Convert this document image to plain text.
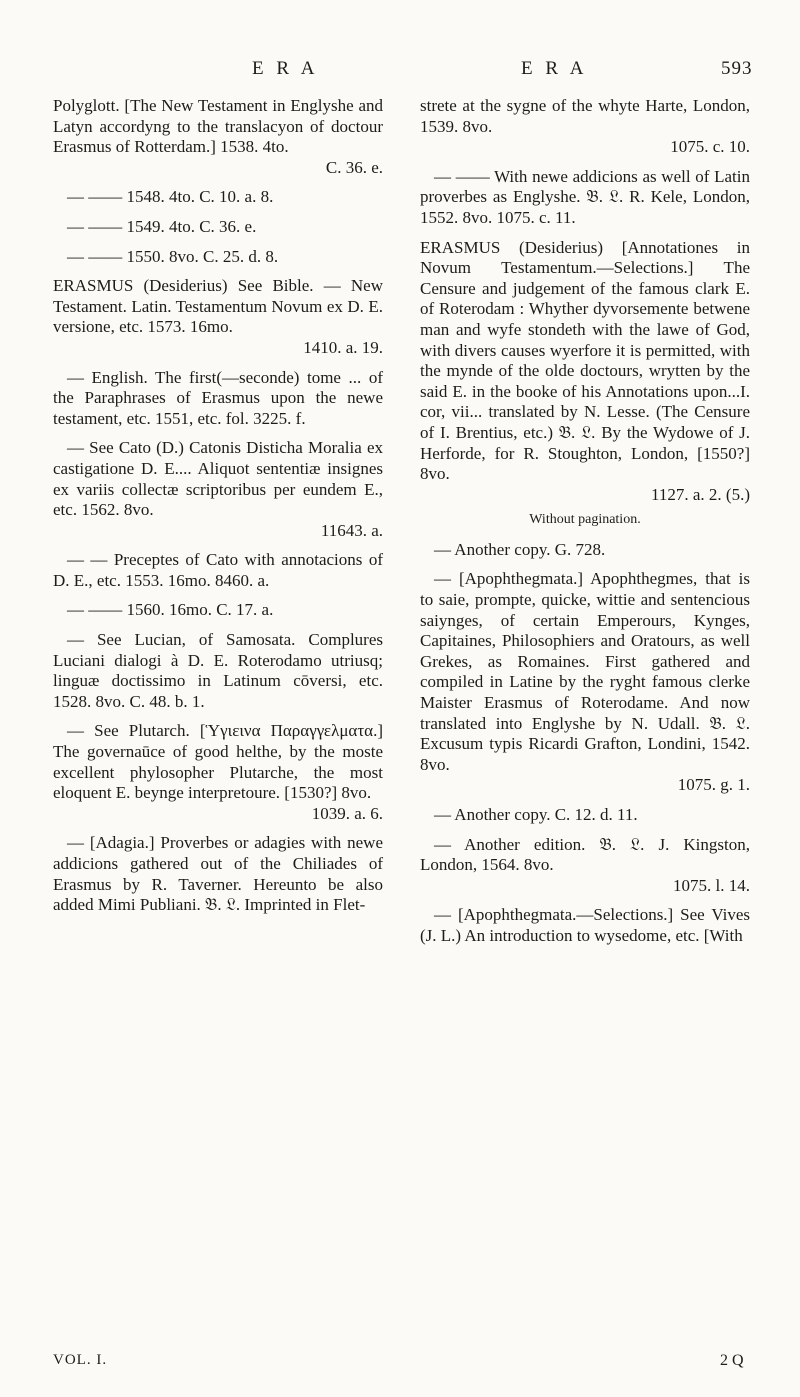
E R A	E R A	593

Polyglott. [The New Testament in Englyshe and Latyn accordyng to the translacyon of doctour Erasmus of Rotterdam.] 1538. 4to.
C. 36. e.

— —— 1548. 4to. C. 10. a. 8.

— —— 1549. 4to. C. 36. e.

— —— 1550. 8vo. C. 25. d. 8.

ERASMUS (Desiderius) See Bible. — New Testament. Latin. Testamentum Novum ex D. E. versione, etc. 1573. 16mo.
1410. a. 19.

— English. The first(—seconde) tome ... of the Paraphrases of Erasmus upon the newe testament, etc. 1551, etc. fol. 3225. f.

— See Cato (D.) Catonis Disticha Moralia ex castigatione D. E.... Aliquot sententiæ insignes ex variis collectæ scriptoribus per eundem E., etc. 1562. 8vo.
11643. a.

— — Preceptes of Cato with annotacions of D. E., etc. 1553. 16mo. 8460. a.

— —— 1560. 16mo. C. 17. a.

— See Lucian, of Samosata. Complures Luciani dialogi à D. E. Roterodamo utriusq; linguæ doctissimo in Latinum cōversi, etc. 1528. 8vo. C. 48. b. 1.

— See Plutarch. [Ὑγιεινα Παραγγελματα.] The governaūce of good helthe, by the moste excellent phylosopher Plutarche, the most eloquent E. beynge interpretoure. [1530?] 8vo.
1039. a. 6.

— [Adagia.] Proverbes or adagies with newe addicions gathered out of the Chiliades of Erasmus by R. Taverner. Hereunto be also added Mimi Publiani. 𝔅. 𝔏. Imprinted in Flet-

strete at the sygne of the whyte Harte, London, 1539. 8vo.
1075. c. 10.

— —— With newe addicions as well of Latin proverbes as Englyshe. 𝔅. 𝔏. R. Kele, London, 1552. 8vo. 1075. c. 11.

ERASMUS (Desiderius) [Annotationes in Novum Testamentum.—Selections.] The Censure and judgement of the famous clark E. of Roterodam : Whyther dyvorsemente betwene man and wyfe stondeth with the lawe of God, with divers causes wyerfore it is permitted, with the mynde of the olde doctours, wrytten by the said E. in the booke of his Annotations upon...I. cor, vii... translated by N. Lesse. (The Censure of I. Brentius, etc.) 𝔅. 𝔏. By the Wydowe of J. Herforde, for R. Stoughton, London, [1550?] 8vo.
1127. a. 2. (5.)

Without pagination.

— Another copy. G. 728.

— [Apophthegmata.] Apophthegmes, that is to saie, prompte, quicke, wittie and sentencious saiynges, of certain Emperours, Kynges, Capitaines, Philosophiers and Oratours, as well Grekes, as Romaines. First gathered and compiled in Latine by the ryght famous clerke Maister Erasmus of Roterodame. And now translated into Englyshe by N. Udall. 𝔅. 𝔏. Excusum typis Ricardi Grafton, Londini, 1542. 8vo.
1075. g. 1.

— Another copy. C. 12. d. 11.

— Another edition. 𝔅. 𝔏. J. Kingston, London, 1564. 8vo.
1075. l. 14.

— [Apophthegmata.—Selections.] See Vives (J. L.) An introduction to wysedome, etc. [With

VOL. I.	2 Q
